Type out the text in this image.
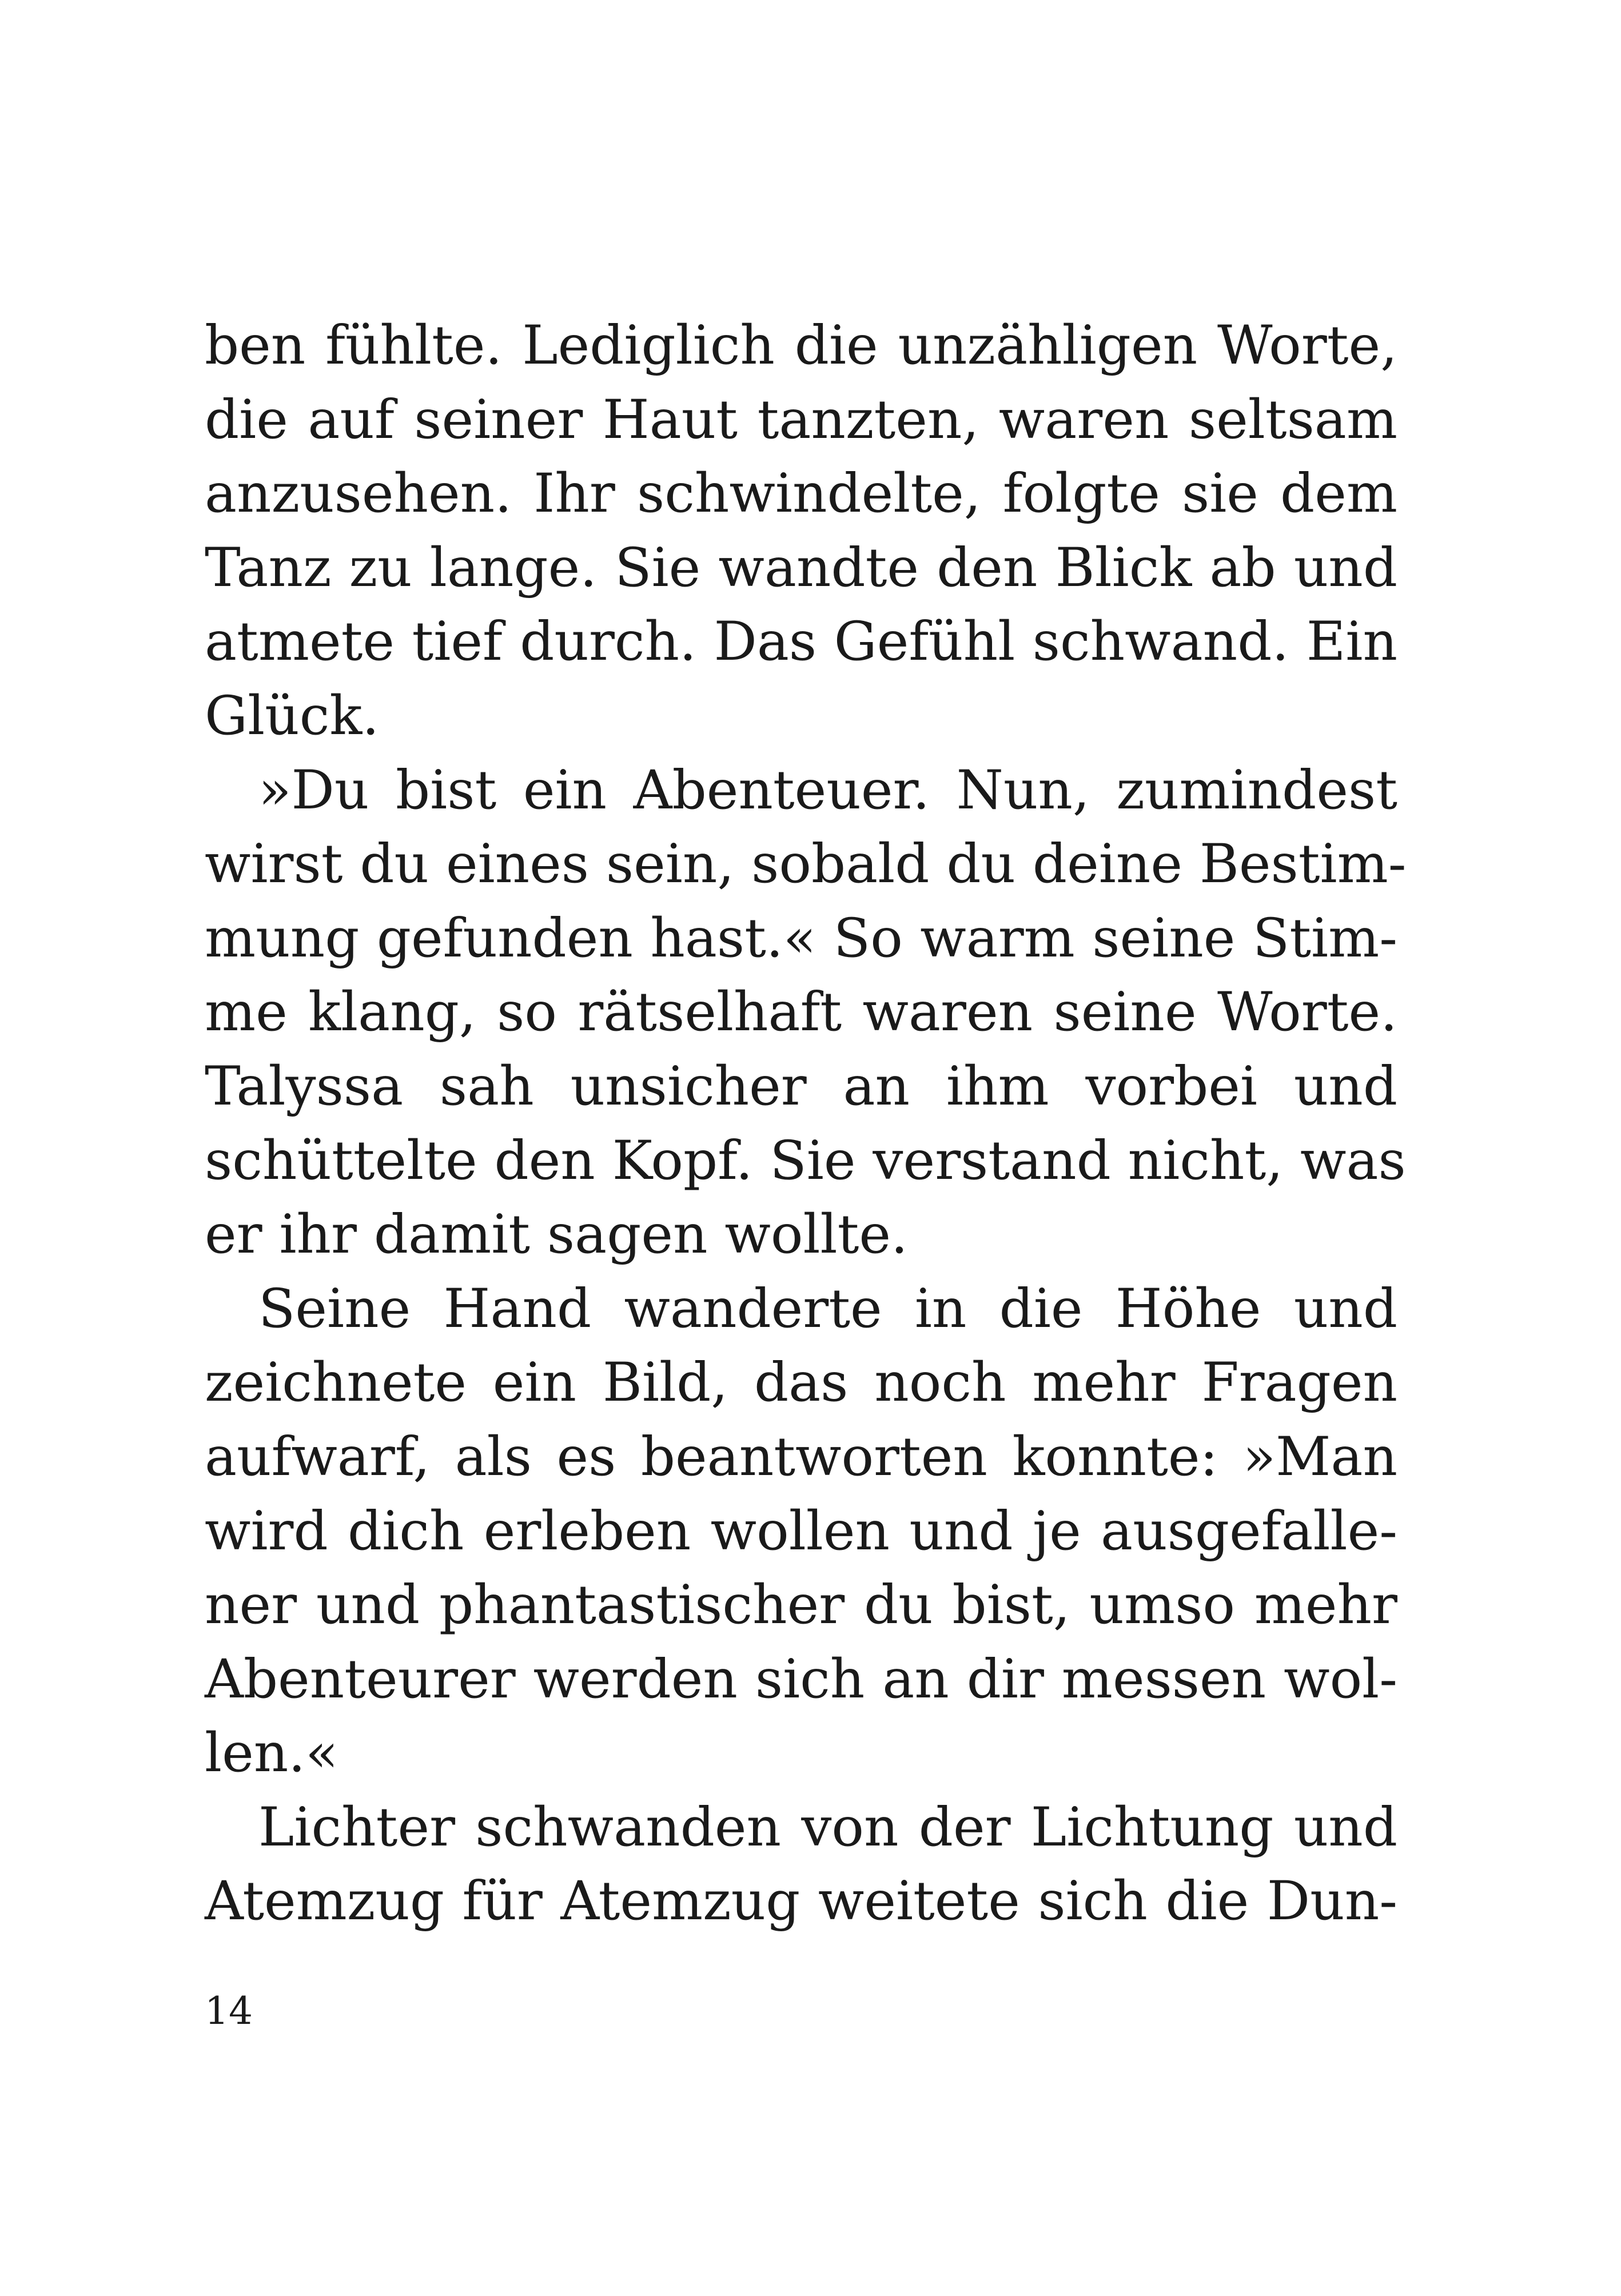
ben fühlte. Lediglich die unzähligen Worte,
die auf seiner Haut tanzten, waren seltsam
anzusehen. Ihr schwindelte, folgte sie dem
Tanz zu lange. Sie wandte den Blick ab und
atmete tief durch. Das Gefühl schwand. Ein
Glück.
»Du bist ein Abenteuer. Nun, zumindest
wirst du eines sein, sobald du deine Bestim-
mung gefunden hast.« So warm seine Stim-
me klang, so rätselhaft waren seine Worte.
Talyssa sah unsicher an ihm vorbei und
schüttelte den Kopf. Sie verstand nicht, was
er ihr damit sagen wollte.
Seine Hand wanderte in die Höhe und
zeichnete ein Bild, das noch mehr Fragen
aufwarf, als es beantworten konnte: »Man
wird dich erleben wollen und je ausgefalle-
ner und phantastischer du bist, umso mehr
Abenteurer werden sich an dir messen wol-
len.«
Lichter schwanden von der Lichtung und
Atemzug für Atemzug weitete sich die Dun-
14
